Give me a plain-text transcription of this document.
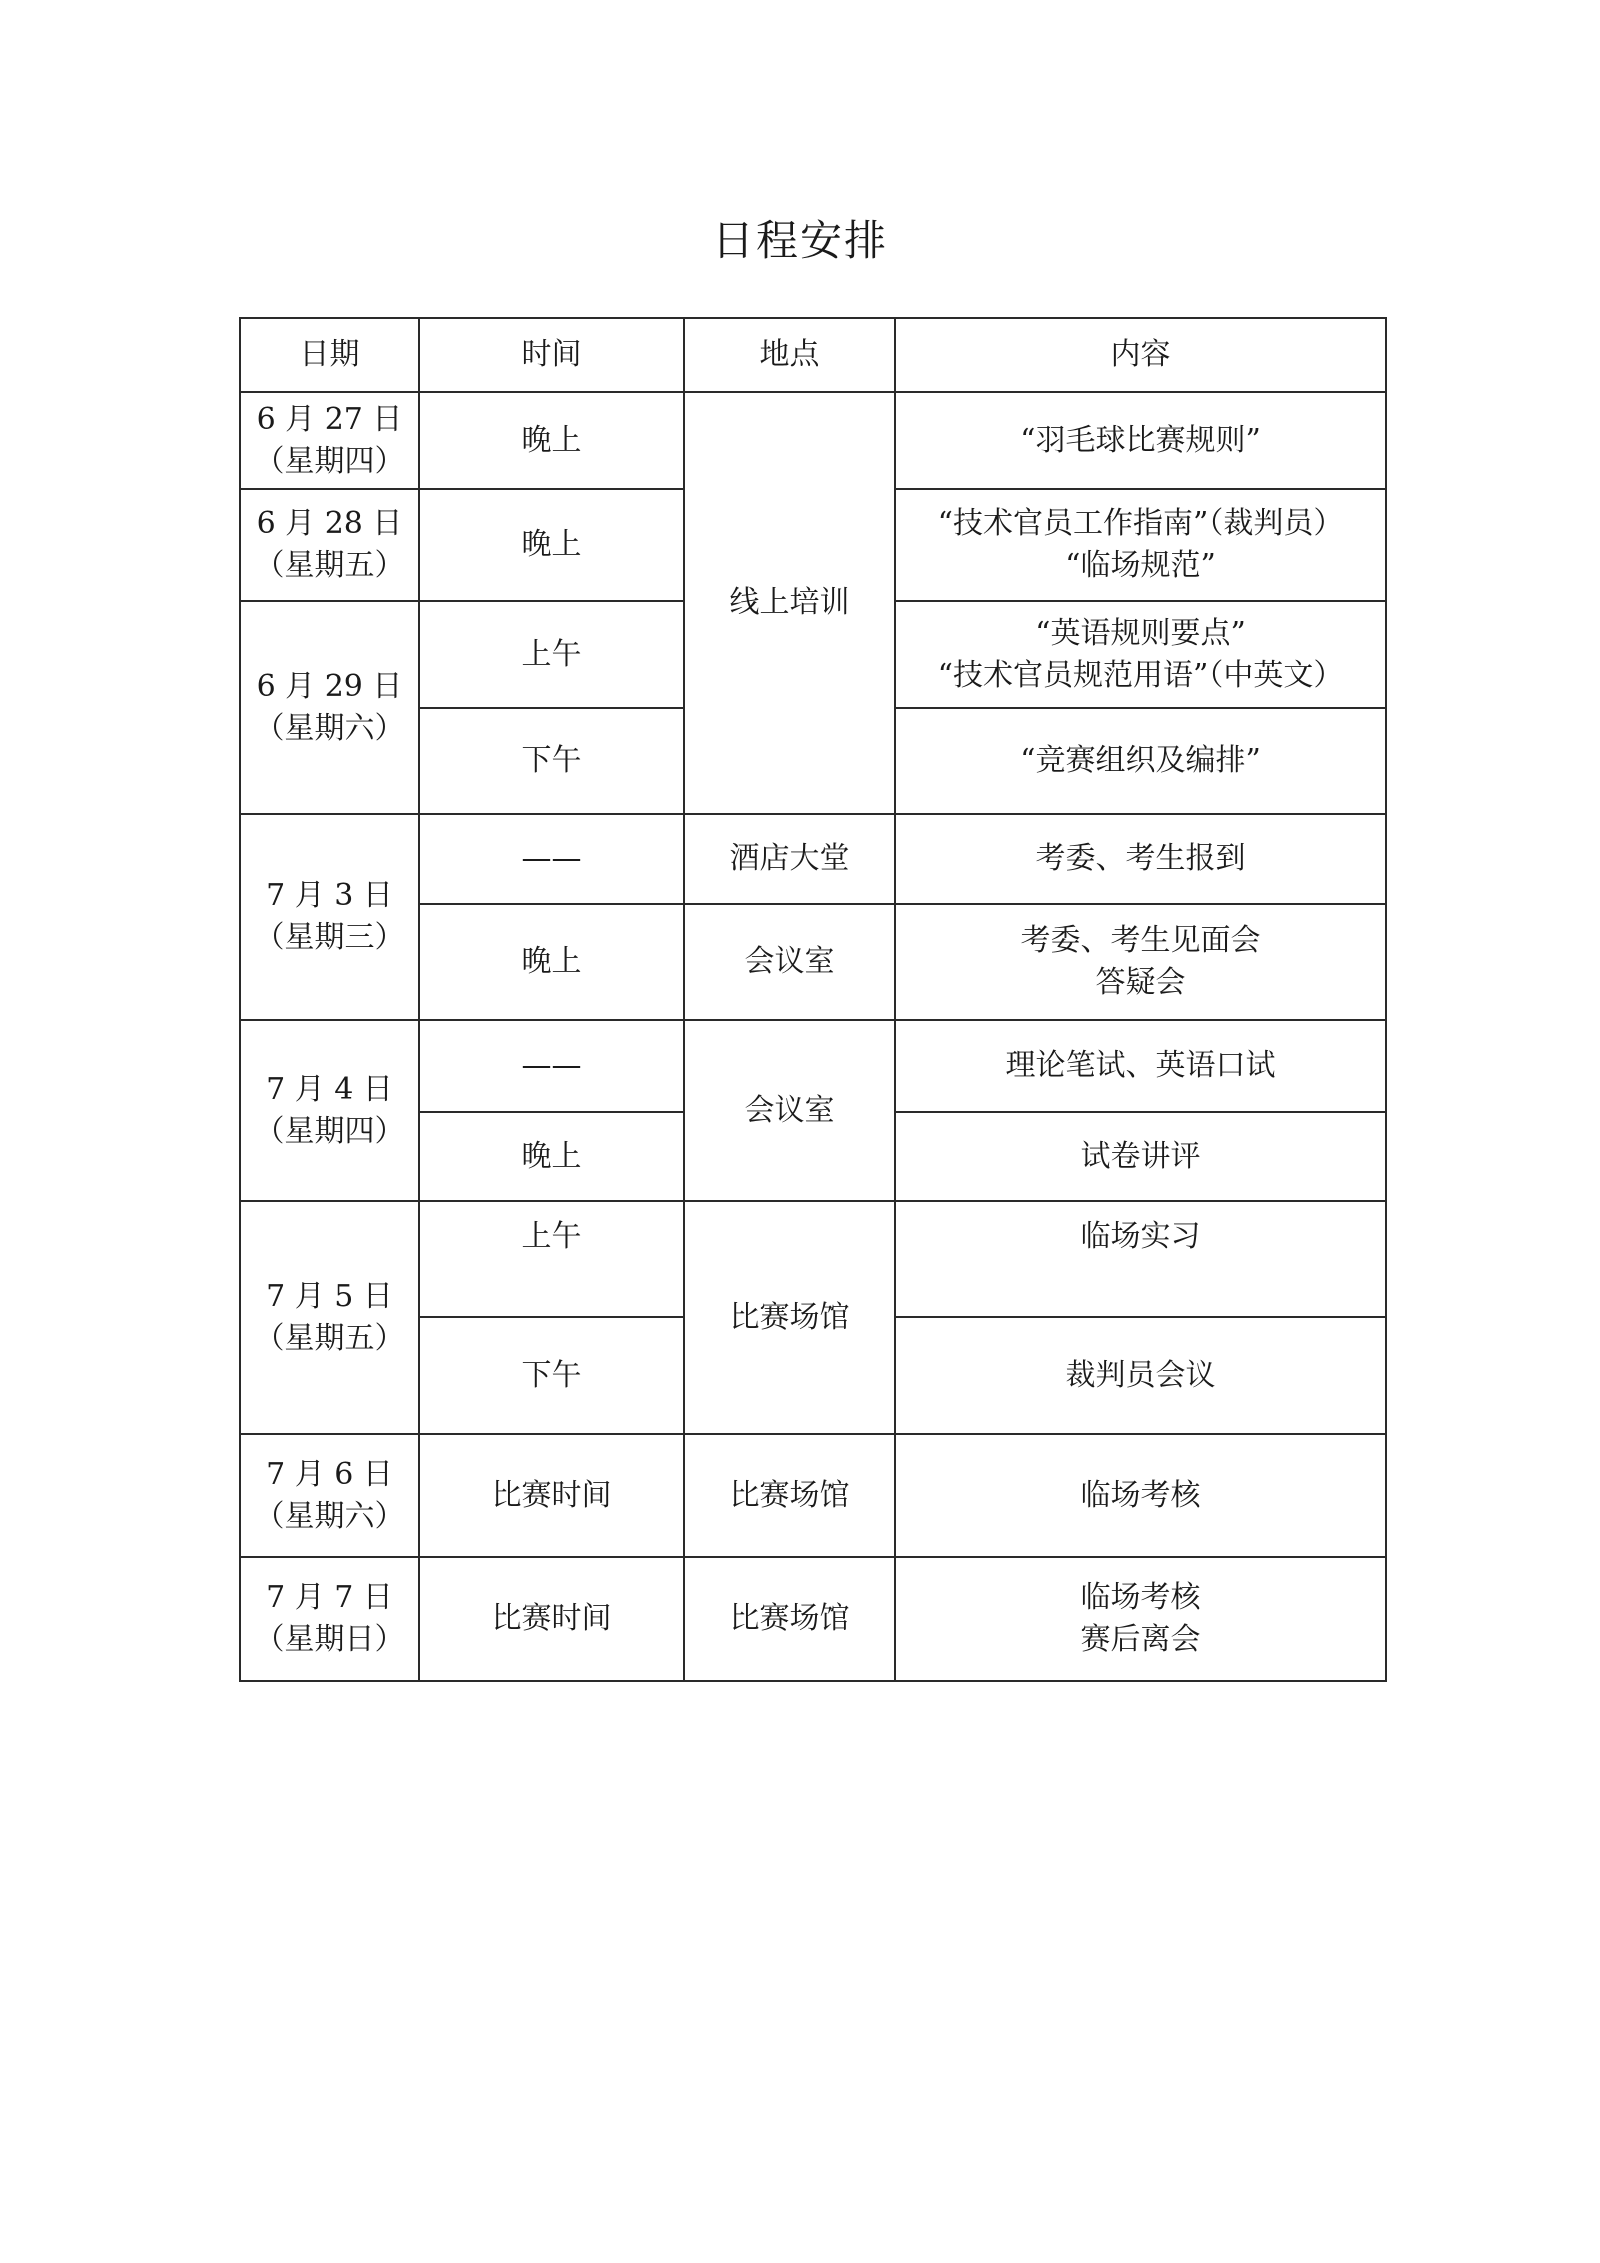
日程安排
日期	时间	地点	内容

6 月 27 日
（星期四）	晚上	线上培训	“羽毛球比赛规则”

6 月 28 日
（星期五）	晚上		“技术官员工作指南”（裁判员）
“临场规范”

6 月 29 日
（星期六）	上午		“英语规则要点”
“技术官员规范用语”（中英文）

	下午		“竞赛组织及编排”

7 月 3 日
（星期三）	——	酒店大堂	考委、考生报到

	晚上	会议室	考委、考生见面会
答疑会

7 月 4 日
（星期四）	——	会议室	理论笔试、英语口试

	晚上		试卷讲评

7 月 5 日
（星期五）	上午	比赛场馆	临场实习

	下午		裁判员会议

7 月 6 日
（星期六）	比赛时间	比赛场馆	临场考核

7 月 7 日
（星期日）	比赛时间	比赛场馆	临场考核
赛后离会
